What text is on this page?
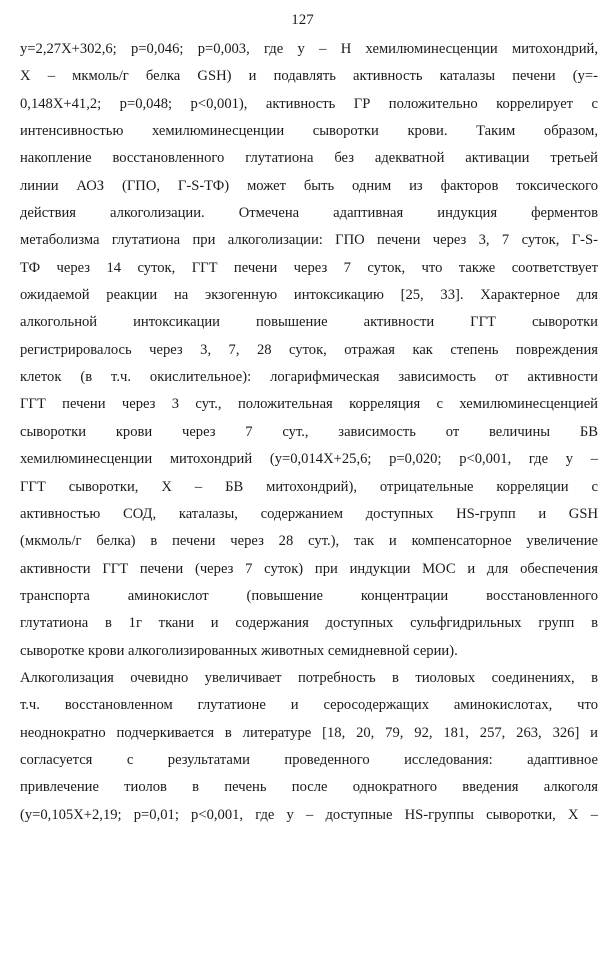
127
у=2,27Х+302,6; р=0,046; р=0,003, где у – Н хемилюминесценции митохондрий,
Х – мкмоль/г белка GSH) и подавлять активность каталазы печени (у=-
0,148Х+41,2; р=0,048; р<0,001), активность ГР положительно коррелирует с
интенсивностью хемилюминесценции сыворотки крови. Таким образом,
накопление восстановленного глутатиона без адекватной активации третьей
линии АОЗ (ГПО, Г-S-ТФ) может быть одним из факторов токсического
действия алкоголизации. Отмечена адаптивная индукция ферментов
метаболизма глутатиона при алкоголизации: ГПО печени через 3, 7 суток, Г-S-
ТФ через 14 суток, ГГТ печени через 7 суток, что также соответствует
ожидаемой реакции на экзогенную интоксикацию [25, 33]. Характерное для
алкогольной интоксикации повышение активности ГГТ сыворотки
регистрировалось через 3, 7, 28 суток, отражая как степень повреждения
клеток (в т.ч. окислительное): логарифмическая зависимость от активности
ГГТ печени через 3 сут., положительная корреляция с хемилюминесценцией
сыворотки крови через 7 сут., зависимость от величины БВ
хемилюминесценции митохондрий (у=0,014Х+25,6; р=0,020; р<0,001, где у –
ГГТ сыворотки, Х – БВ митохондрий), отрицательные корреляции с
активностью СОД, каталазы, содержанием доступных HS-групп и GSH
(мкмоль/г белка) в печени через 28 сут.), так и компенсаторное увеличение
активности ГГТ печени (через 7 суток) при индукции МОС и для обеспечения
транспорта аминокислот (повышение концентрации восстановленного
глутатиона в 1г ткани и содержания доступных сульфгидрильных групп в
сыворотке крови алкоголизированных животных семидневной серии).
Алкоголизация очевидно увеличивает потребность в тиоловых соединениях, в
т.ч. восстановленном глутатионе и серосодержащих аминокислотах, что
неоднократно подчеркивается в литературе [18, 20, 79, 92, 181, 257, 263, 326] и
согласуется с результатами проведенного исследования: адаптивное
привлечение тиолов в печень после однократного введения алкоголя
(у=0,105Х+2,19; р=0,01; р<0,001, где у – доступные HS-группы сыворотки, Х –
